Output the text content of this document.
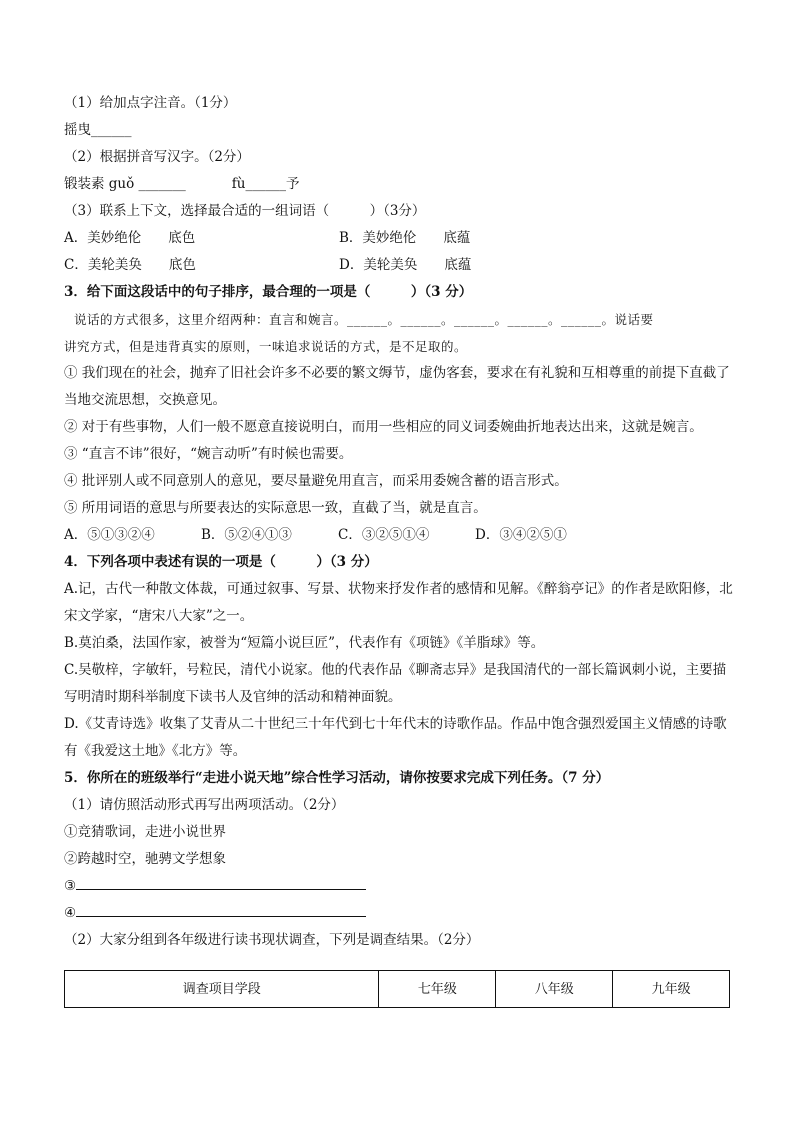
（1）给加点字注音。（1分）
摇曳______
（2）根据拼音写汉字。（2分）
锻装素 guǒ _______	fù______予
（3）联系上下文，选择最合适的一组词语（　　　）（3分）
A．美妙绝伦　　底色	B．美妙绝伦　　底蕴
C．美轮美奂　　底色	D．美轮美奂　　底蕴
3．给下面这段话中的句子排序，最合理的一项是（　　　）（3 分）
说话的方式很多，这里介绍两种：直言和婉言。______。______。______。______。______。说话要
讲究方式，但是违背真实的原则，一味追求说话的方式，是不足取的。
① 我们现在的社会，抛弃了旧社会许多不必要的繁文缛节，虚伪客套，要求在有礼貌和互相尊重的前提下直截了当地交流思想，交换意见。
② 对于有些事物，人们一般不愿意直接说明白，而用一些相应的同义词委婉曲折地表达出来，这就是婉言。
③ “直言不讳”很好，“婉言动听”有时候也需要。
④ 批评别人或不同意别人的意见，要尽量避免用直言，而采用委婉含蓄的语言形式。
⑤ 所用词语的意思与所要表达的实际意思一致，直截了当，就是直言。
A．⑤①③②④	B．⑤②④①③	C．③②⑤①④	D．③④②⑤①
4．下列各项中表述有误的一项是（　　　）（3 分）
A.记，古代一种散文体裁，可通过叙事、写景、状物来抒发作者的感情和见解。《醉翁亭记》的作者是欧阳修，北宋文学家，“唐宋八大家”之一。
B.莫泊桑，法国作家，被誉为“短篇小说巨匠”，代表作有《项链》《羊脂球》等。
C.吴敬梓，字敏轩，号粒民，清代小说家。他的代表作品《聊斋志异》是我国清代的一部长篇讽刺小说，主要描写明清时期科举制度下读书人及官绅的活动和精神面貌。
D.《艾青诗选》收集了艾青从二十世纪三十年代到七十年代末的诗歌作品。作品中饱含强烈爱国主义情感的诗歌有《我爱这土地》《北方》等。
5．你所在的班级举行“走进小说天地”综合性学习活动，请你按要求完成下列任务。（7 分）
（1）请仿照活动形式再写出两项活动。（2分）
①竞猜歌词，走进小说世界
②跨越时空，驰骋文学想象
③
④
（2）大家分组到各年级进行读书现状调查，下列是调查结果。（2分）
调查项目学段	七年级	八年级	九年级
